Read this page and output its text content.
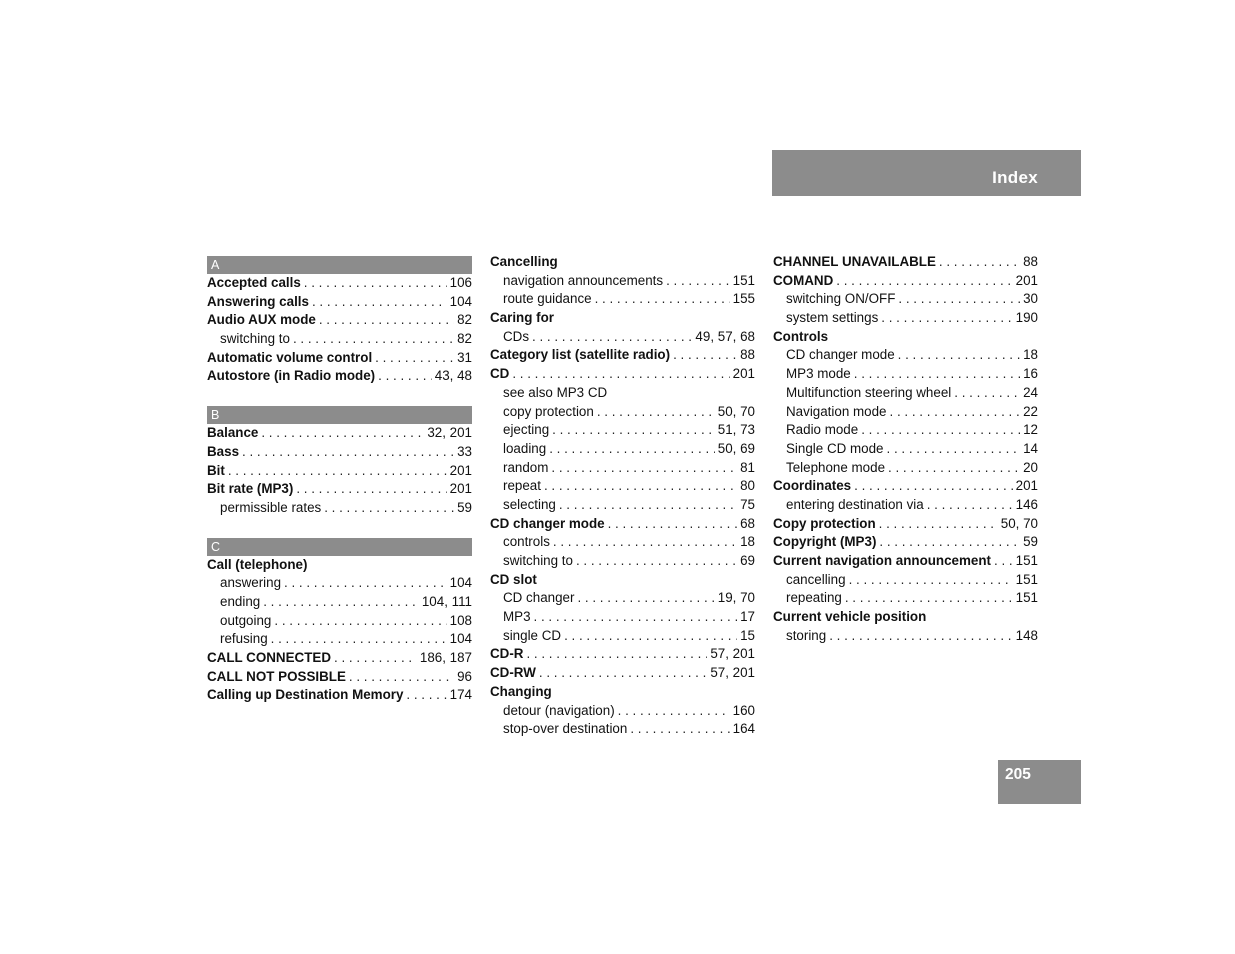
Index
A
Accepted calls . . .	106
Answering calls . . .	104
Audio AUX mode . . .	82
switching to . . .	82
Automatic volume control . . .	31
Autostore (in Radio mode) . . .	43, 48
B
Balance . . .	32, 201
Bass . . .	33
Bit . . .	201
Bit rate (MP3) . . .	201
permissible rates . . .	59
C
Call (telephone)
answering . . .	104
ending . . .	104, 111
outgoing . . .	108
refusing . . .	104
CALL CONNECTED . . .	186, 187
CALL NOT POSSIBLE . . .	96
Calling up Destination Memory . . .	174
Cancelling
navigation announcements . . .	151
route guidance . . .	155
Caring for
CDs . . .	49, 57, 68
Category list (satellite radio) . . .	88
CD . . .	201
see also MP3 CD
copy protection . . .	50, 70
ejecting . . .	51, 73
loading . . .	50, 69
random . . .	81
repeat . . .	80
selecting . . .	75
CD changer mode . . .	68
controls . . .	18
switching to . . .	69
CD slot
CD changer . . .	19, 70
MP3 . . .	17
single CD . . .	15
CD-R . . .	57, 201
CD-RW . . .	57, 201
Changing
detour (navigation) . . .	160
stop-over destination . . .	164
CHANNEL UNAVAILABLE . . .	88
COMAND . . .	201
switching ON/OFF . . .	30
system settings . . .	190
Controls
CD changer mode . . .	18
MP3 mode . . .	16
Multifunction steering wheel . . .	24
Navigation mode . . .	22
Radio mode . . .	12
Single CD mode . . .	14
Telephone mode . . .	20
Coordinates . . .	201
entering destination via . . .	146
Copy protection . . .	50, 70
Copyright (MP3) . . .	59
Current navigation announcement . . . 151
cancelling . . .	151
repeating . . .	151
Current vehicle position
storing . . .	148
205
